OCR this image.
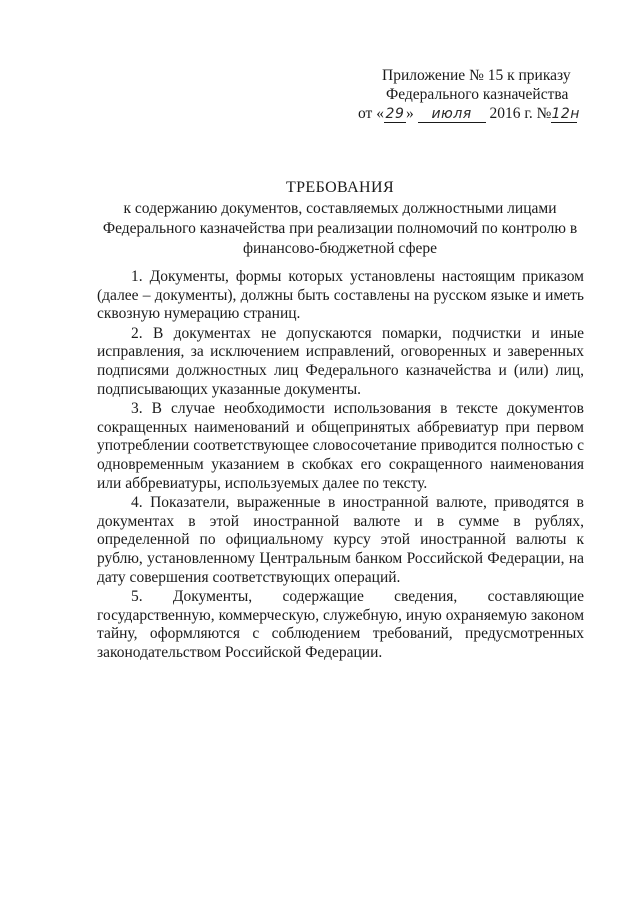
Приложение № 15 к приказу
Федерального казначейства
от « 29 » июля 2016 г. №12н
ТРЕБОВАНИЯ
к содержанию документов, составляемых должностными лицами Федерального казначейства при реализации полномочий по контролю в финансово-бюджетной сфере

1. Документы, формы которых установлены настоящим приказом (далее – документы), должны быть составлены на русском языке и иметь сквозную нумерацию страниц.

2. В документах не допускаются помарки, подчистки и иные исправления, за исключением исправлений, оговоренных и заверенных подписями должностных лиц Федерального казначейства и (или) лиц, подписывающих указанные документы.

3. В случае необходимости использования в тексте документов сокращенных наименований и общепринятых аббревиатур при первом употреблении соответствующее словосочетание приводится полностью с одновременным указанием в скобках его сокращенного наименования или аббревиатуры, используемых далее по тексту.

4. Показатели, выраженные в иностранной валюте, приводятся в документах в этой иностранной валюте и в сумме в рублях, определенной по официальному курсу этой иностранной валюты к рублю, установленному Центральным банком Российской Федерации, на дату совершения соответствующих операций.

5. Документы, содержащие сведения, составляющие государственную, коммерческую, служебную, иную охраняемую законом тайну, оформляются с соблюдением требований, предусмотренных законодательством Российской Федерации.
